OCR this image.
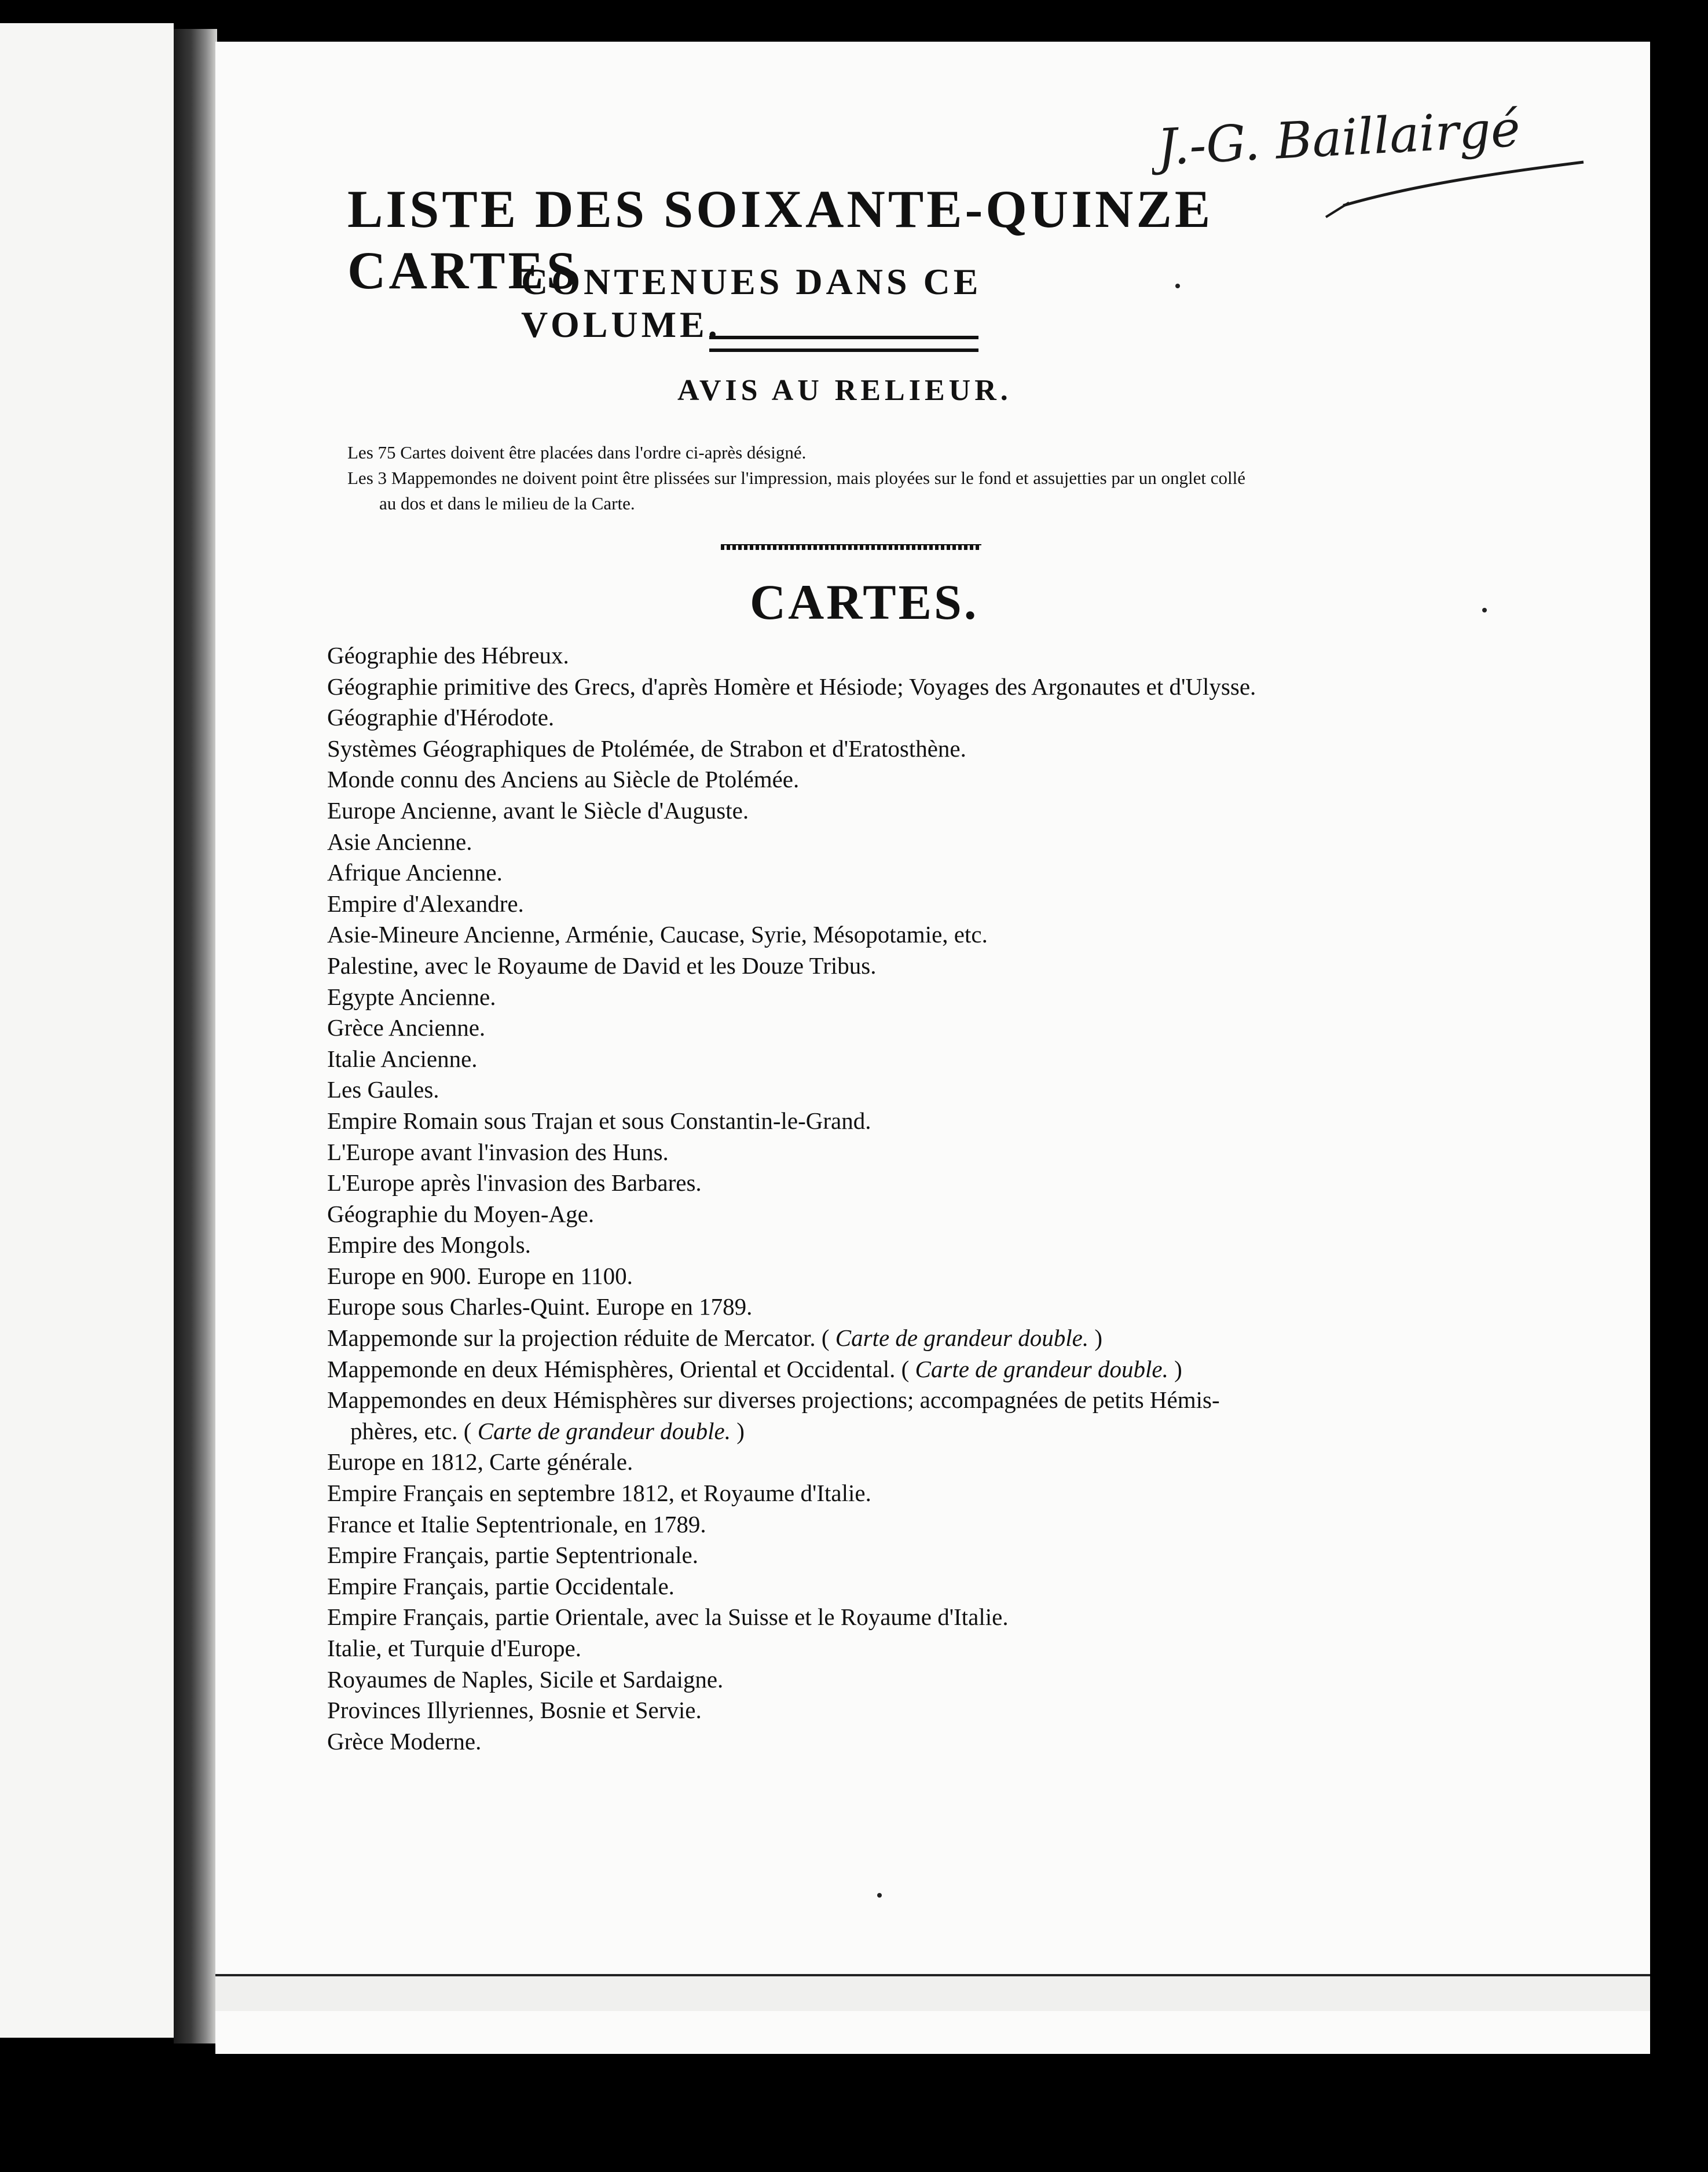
J.-G. Baillairgé
LISTE DES SOIXANTE-QUINZE CARTES
CONTENUES DANS CE VOLUME.
AVIS AU RELIEUR.
Les 75 Cartes doivent être placées dans l'ordre ci-après désigné.
Les 3 Mappemondes ne doivent point être plissées sur l'impression, mais ployées sur le fond et assujetties par un onglet collé
au dos et dans le milieu de la Carte.
CARTES.
Géographie des Hébreux.
Géographie primitive des Grecs, d'après Homère et Hésiode; Voyages des Argonautes et d'Ulysse.
Géographie d'Hérodote.
Systèmes Géographiques de Ptolémée, de Strabon et d'Eratosthène.
Monde connu des Anciens au Siècle de Ptolémée.
Europe Ancienne, avant le Siècle d'Auguste.
Asie Ancienne.
Afrique Ancienne.
Empire d'Alexandre.
Asie-Mineure Ancienne, Arménie, Caucase, Syrie, Mésopotamie, etc.
Palestine, avec le Royaume de David et les Douze Tribus.
Egypte Ancienne.
Grèce Ancienne.
Italie Ancienne.
Les Gaules.
Empire Romain sous Trajan et sous Constantin-le-Grand.
L'Europe avant l'invasion des Huns.
L'Europe après l'invasion des Barbares.
Géographie du Moyen-Age.
Empire des Mongols.
Europe en 900. Europe en 1100.
Europe sous Charles-Quint. Europe en 1789.
Mappemonde sur la projection réduite de Mercator. ( Carte de grandeur double. )
Mappemonde en deux Hémisphères, Oriental et Occidental. ( Carte de grandeur double. )
Mappemondes en deux Hémisphères sur diverses projections; accompagnées de petits Hémis-
phères, etc. ( Carte de grandeur double. )
Europe en 1812, Carte générale.
Empire Français en septembre 1812, et Royaume d'Italie.
France et Italie Septentrionale, en 1789.
Empire Français, partie Septentrionale.
Empire Français, partie Occidentale.
Empire Français, partie Orientale, avec la Suisse et le Royaume d'Italie.
Italie, et Turquie d'Europe.
Royaumes de Naples, Sicile et Sardaigne.
Provinces Illyriennes, Bosnie et Servie.
Grèce Moderne.
